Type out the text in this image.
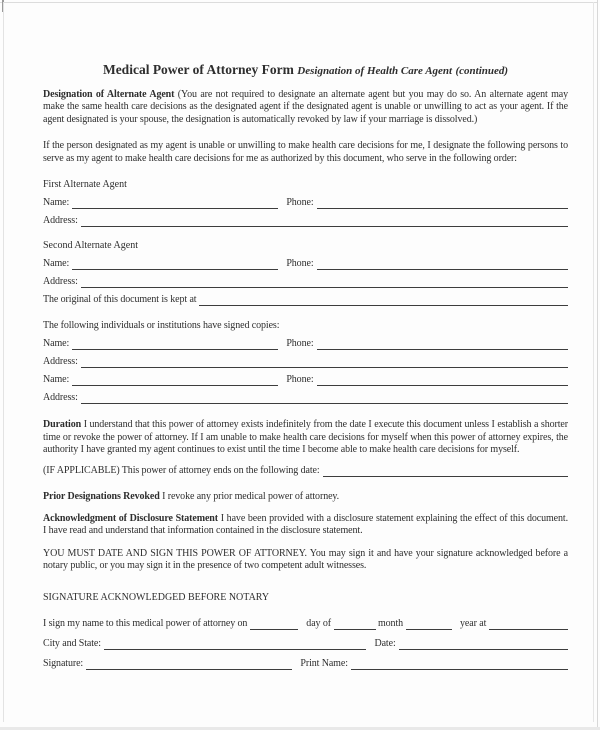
Medical Power of Attorney Form Designation of Health Care Agent (continued)

Designation of Alternate Agent (You are not required to designate an alternate agent but you may do so. An alternate agent may make the same health care decisions as the designated agent if the designated agent is unable or unwilling to act as your agent. If the agent designated is your spouse, the designation is automatically revoked by law if your marriage is dissolved.)

If the person designated as my agent is unable or unwilling to make health care decisions for me, I designate the following persons to serve as my agent to make health care decisions for me as authorized by this document, who serve in the following order:

First Alternate Agent
Name:	Phone:
Address:
Second Alternate Agent
Name:	Phone:
Address:
The original of this document is kept at

The following individuals or institutions have signed copies:

Name:	Phone:
Address:
Name:	Phone:
Address:

Duration I understand that this power of attorney exists indefinitely from the date I execute this document unless I establish a shorter time or revoke the power of attorney. If I am unable to make health care decisions for myself when this power of attorney expires, the authority I have granted my agent continues to exist until the time I become able to make health care decisions for myself.

(IF APPLICABLE) This power of attorney ends on the following date:

Prior Designations Revoked I revoke any prior medical power of attorney.

Acknowledgment of Disclosure Statement I have been provided with a disclosure statement explaining the effect of this document. I have read and understand that information contained in the disclosure statement.

YOU MUST DATE AND SIGN THIS POWER OF ATTORNEY. You may sign it and have your signature acknowledged before a notary public, or you may sign it in the presence of two competent adult witnesses.

SIGNATURE ACKNOWLEDGED BEFORE NOTARY
I sign my name to this medical power of attorney on	day of	month	year at
City and State:	Date:
Signature:	Print Name:
